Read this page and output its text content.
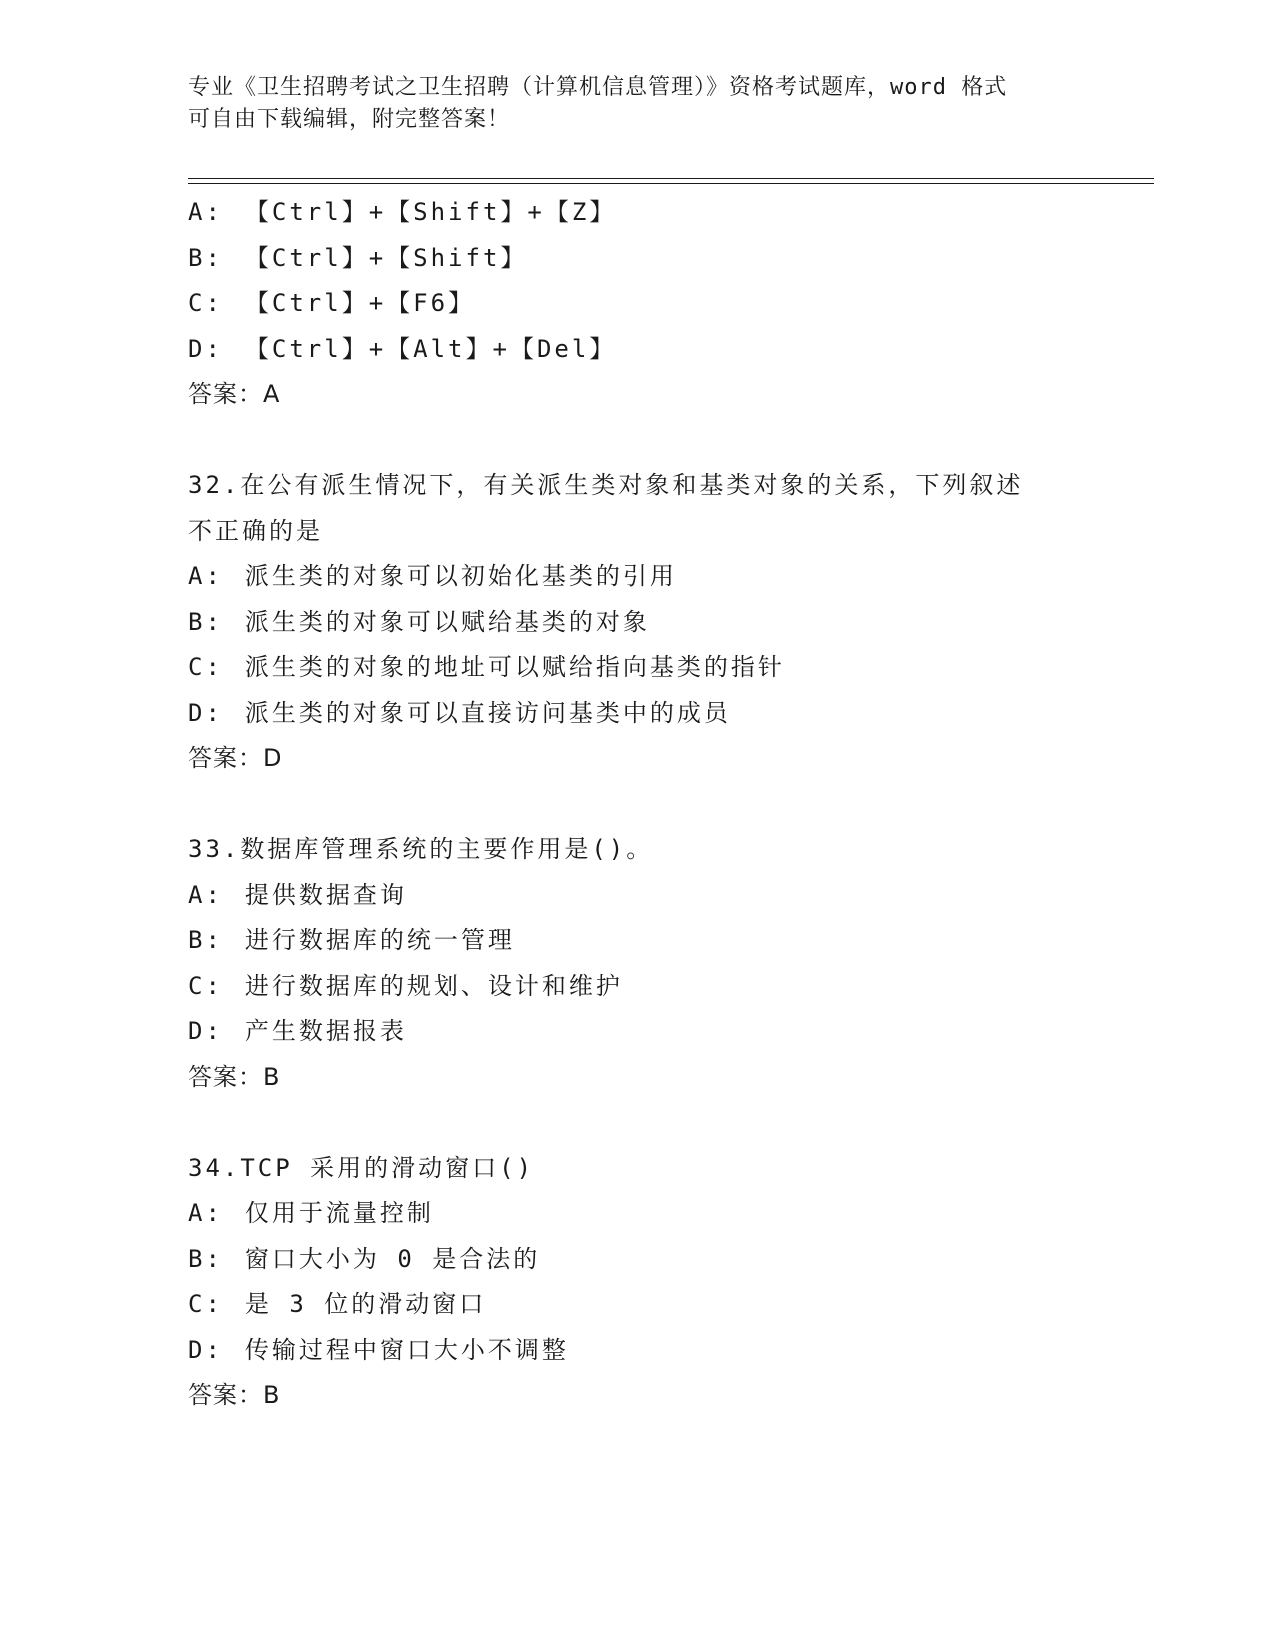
专业《卫生招聘考试之卫生招聘（计算机信息管理）》资格考试题库，word 格式
可自由下载编辑，附完整答案！
A: 【Ctrl】+【Shift】+【Z】
B: 【Ctrl】+【Shift】
C: 【Ctrl】+【F6】
D: 【Ctrl】+【Alt】+【Del】
答案：A
32.在公有派生情况下，有关派生类对象和基类对象的关系，下列叙述
不正确的是
A: 派生类的对象可以初始化基类的引用
B: 派生类的对象可以赋给基类的对象
C: 派生类的对象的地址可以赋给指向基类的指针
D: 派生类的对象可以直接访问基类中的成员
答案：D
33.数据库管理系统的主要作用是()。
A: 提供数据查询
B: 进行数据库的统一管理
C: 进行数据库的规划、设计和维护
D: 产生数据报表
答案：B
34.TCP 采用的滑动窗口()
A: 仅用于流量控制
B: 窗口大小为 0 是合法的
C: 是 3 位的滑动窗口
D: 传输过程中窗口大小不调整
答案：B
